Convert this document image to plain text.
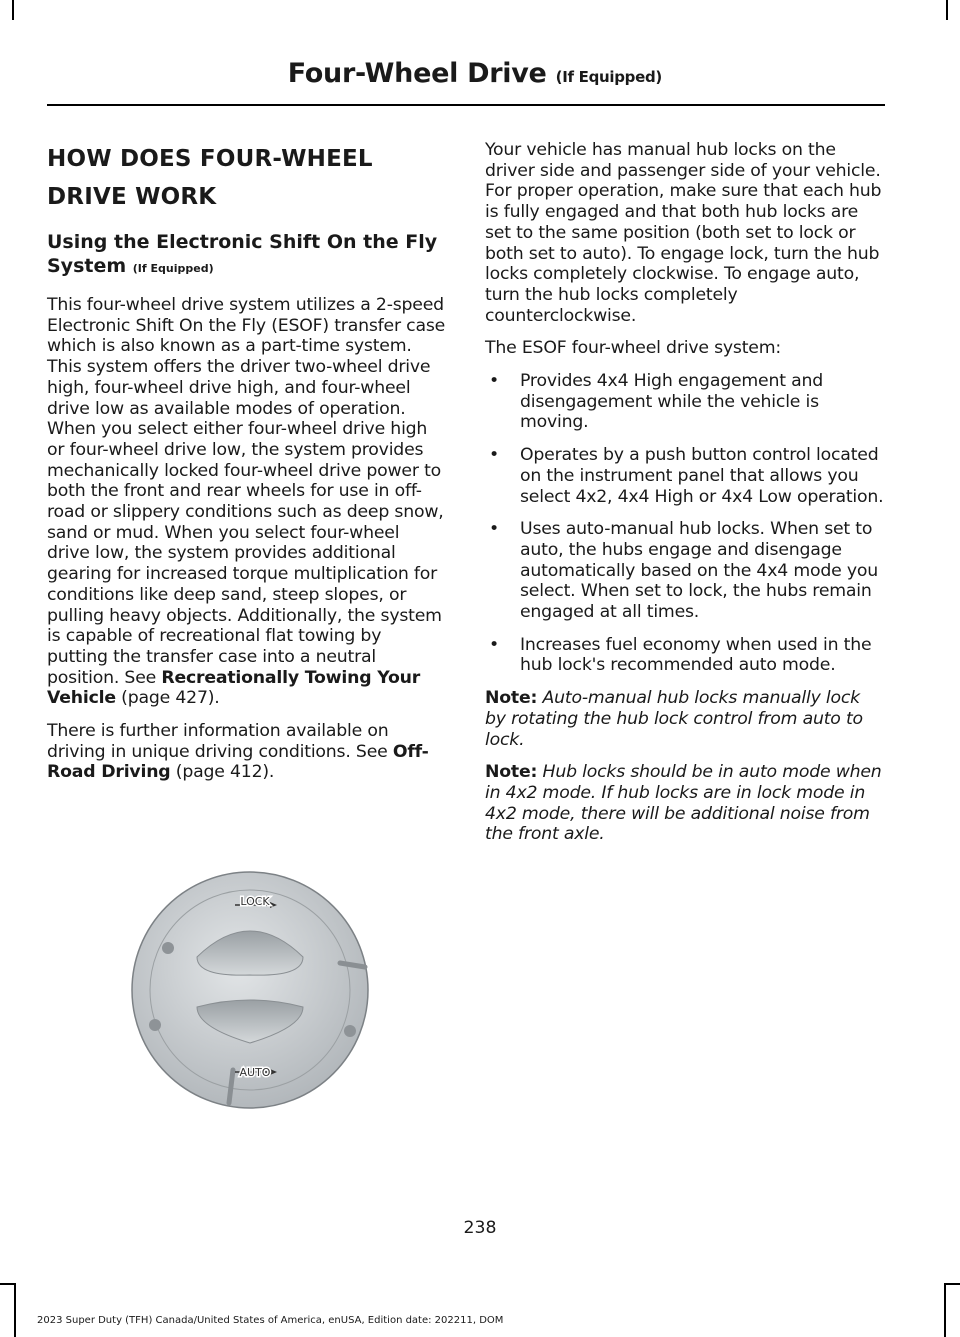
Four-Wheel Drive (If Equipped)
HOW DOES FOUR-WHEEL
DRIVE WORK
Using the Electronic Shift On the Fly System (If Equipped)

This four-wheel drive system utilizes a 2-speed Electronic Shift On the Fly (ESOF) transfer case which is also known as a part-time system. This system offers the driver two-wheel drive high, four-wheel drive high, and four-wheel drive low as available modes of operation. When you select either four-wheel drive high or four-wheel drive low, the system provides mechanically locked four-wheel drive power to both the front and rear wheels for use in off-road or slippery conditions such as deep snow, sand or mud. When you select four-wheel drive low, the system provides additional gearing for increased torque multiplication for conditions like deep sand, steep slopes, or pulling heavy objects. Additionally, the system is capable of recreational flat towing by putting the transfer case into a neutral position. See Recreationally Towing Your Vehicle (page 427).

There is further information available on driving in unique driving conditions. See Off-Road Driving (page 412).

LOCK
AUTO

Your vehicle has manual hub locks on the driver side and passenger side of your vehicle. For proper operation, make sure that each hub is fully engaged and that both hub locks are set to the same position (both set to lock or both set to auto). To engage lock, turn the hub locks completely clockwise. To engage auto, turn the hub locks completely counterclockwise.

The ESOF four-wheel drive system:

• Provides 4x4 High engagement and disengagement while the vehicle is moving.
• Operates by a push button control located on the instrument panel that allows you select 4x2, 4x4 High or 4x4 Low operation.
• Uses auto-manual hub locks. When set to auto, the hubs engage and disengage automatically based on the 4x4 mode you select. When set to lock, the hubs remain engaged at all times.
• Increases fuel economy when used in the hub lock's recommended auto mode.

Note: Auto-manual hub locks manually lock by rotating the hub lock control from auto to lock.

Note: Hub locks should be in auto mode when in 4x2 mode. If hub locks are in lock mode in 4x2 mode, there will be additional noise from the front axle.

238
2023 Super Duty (TFH) Canada/United States of America, enUSA, Edition date: 202211, DOM
